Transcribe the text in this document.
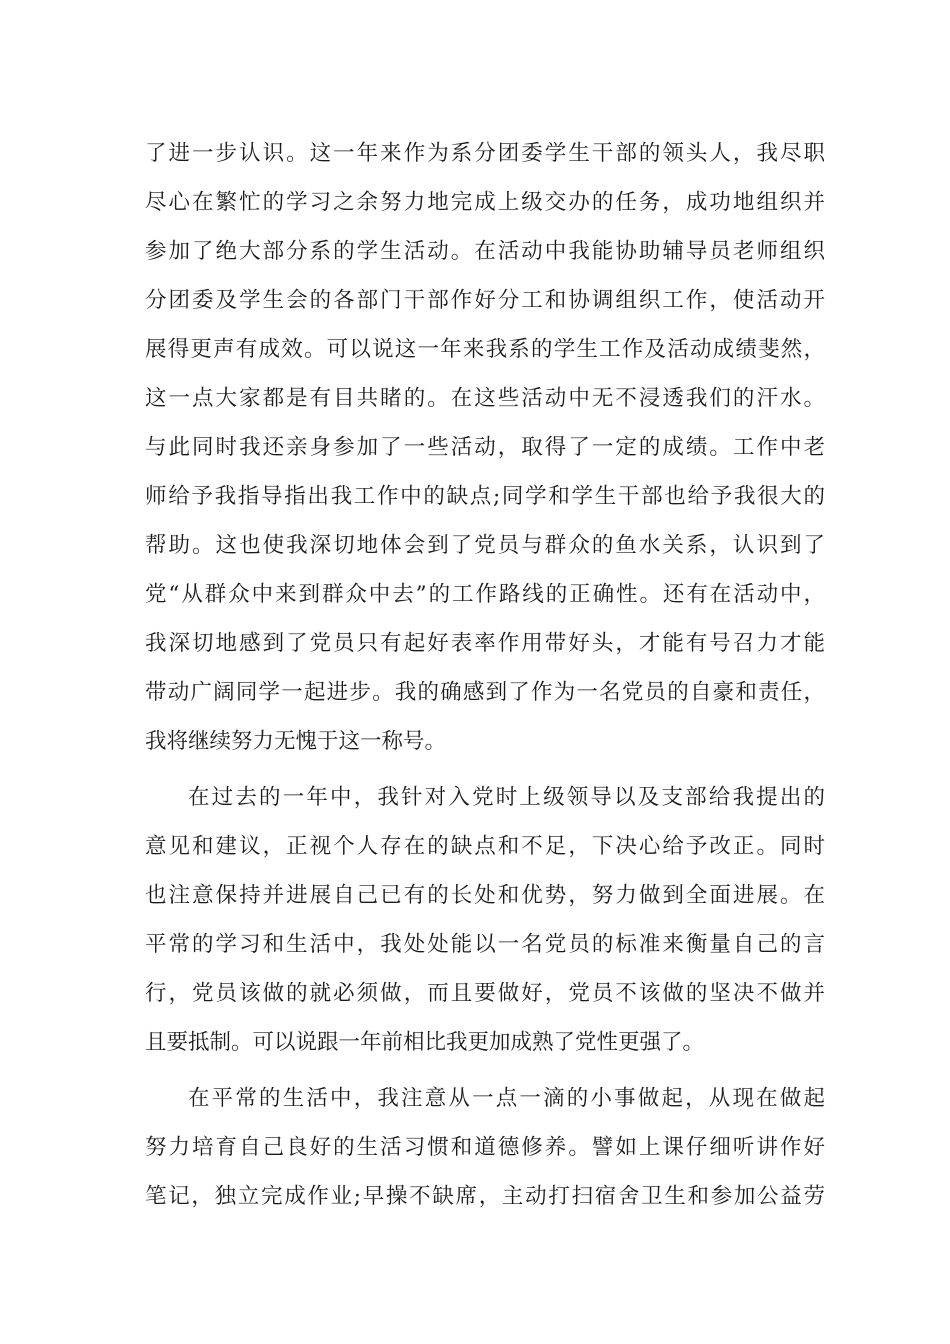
了进一步认识。这一年来作为系分团委学生干部的领头人，我尽职
尽心在繁忙的学习之余努力地完成上级交办的任务，成功地组织并
参加了绝大部分系的学生活动。在活动中我能协助辅导员老师组织
分团委及学生会的各部门干部作好分工和协调组织工作，使活动开
展得更声有成效。可以说这一年来我系的学生工作及活动成绩斐然，
这一点大家都是有目共睹的。在这些活动中无不浸透我们的汗水。
与此同时我还亲身参加了一些活动，取得了一定的成绩。工作中老
师给予我指导指出我工作中的缺点;同学和学生干部也给予我很大的
帮助。这也使我深切地体会到了党员与群众的鱼水关系，认识到了
党“从群众中来到群众中去”的工作路线的正确性。还有在活动中，
我深切地感到了党员只有起好表率作用带好头，才能有号召力才能
带动广阔同学一起进步。我的确感到了作为一名党员的自豪和责任，
我将继续努力无愧于这一称号。
在过去的一年中，我针对入党时上级领导以及支部给我提出的
意见和建议，正视个人存在的缺点和不足，下决心给予改正。同时
也注意保持并进展自己已有的长处和优势，努力做到全面进展。在
平常的学习和生活中，我处处能以一名党员的标准来衡量自己的言
行，党员该做的就必须做，而且要做好，党员不该做的坚决不做并
且要抵制。可以说跟一年前相比我更加成熟了党性更强了。
在平常的生活中，我注意从一点一滴的小事做起，从现在做起
努力培育自己良好的生活习惯和道德修养。譬如上课仔细听讲作好
笔记，独立完成作业;早操不缺席，主动打扫宿舍卫生和参加公益劳
